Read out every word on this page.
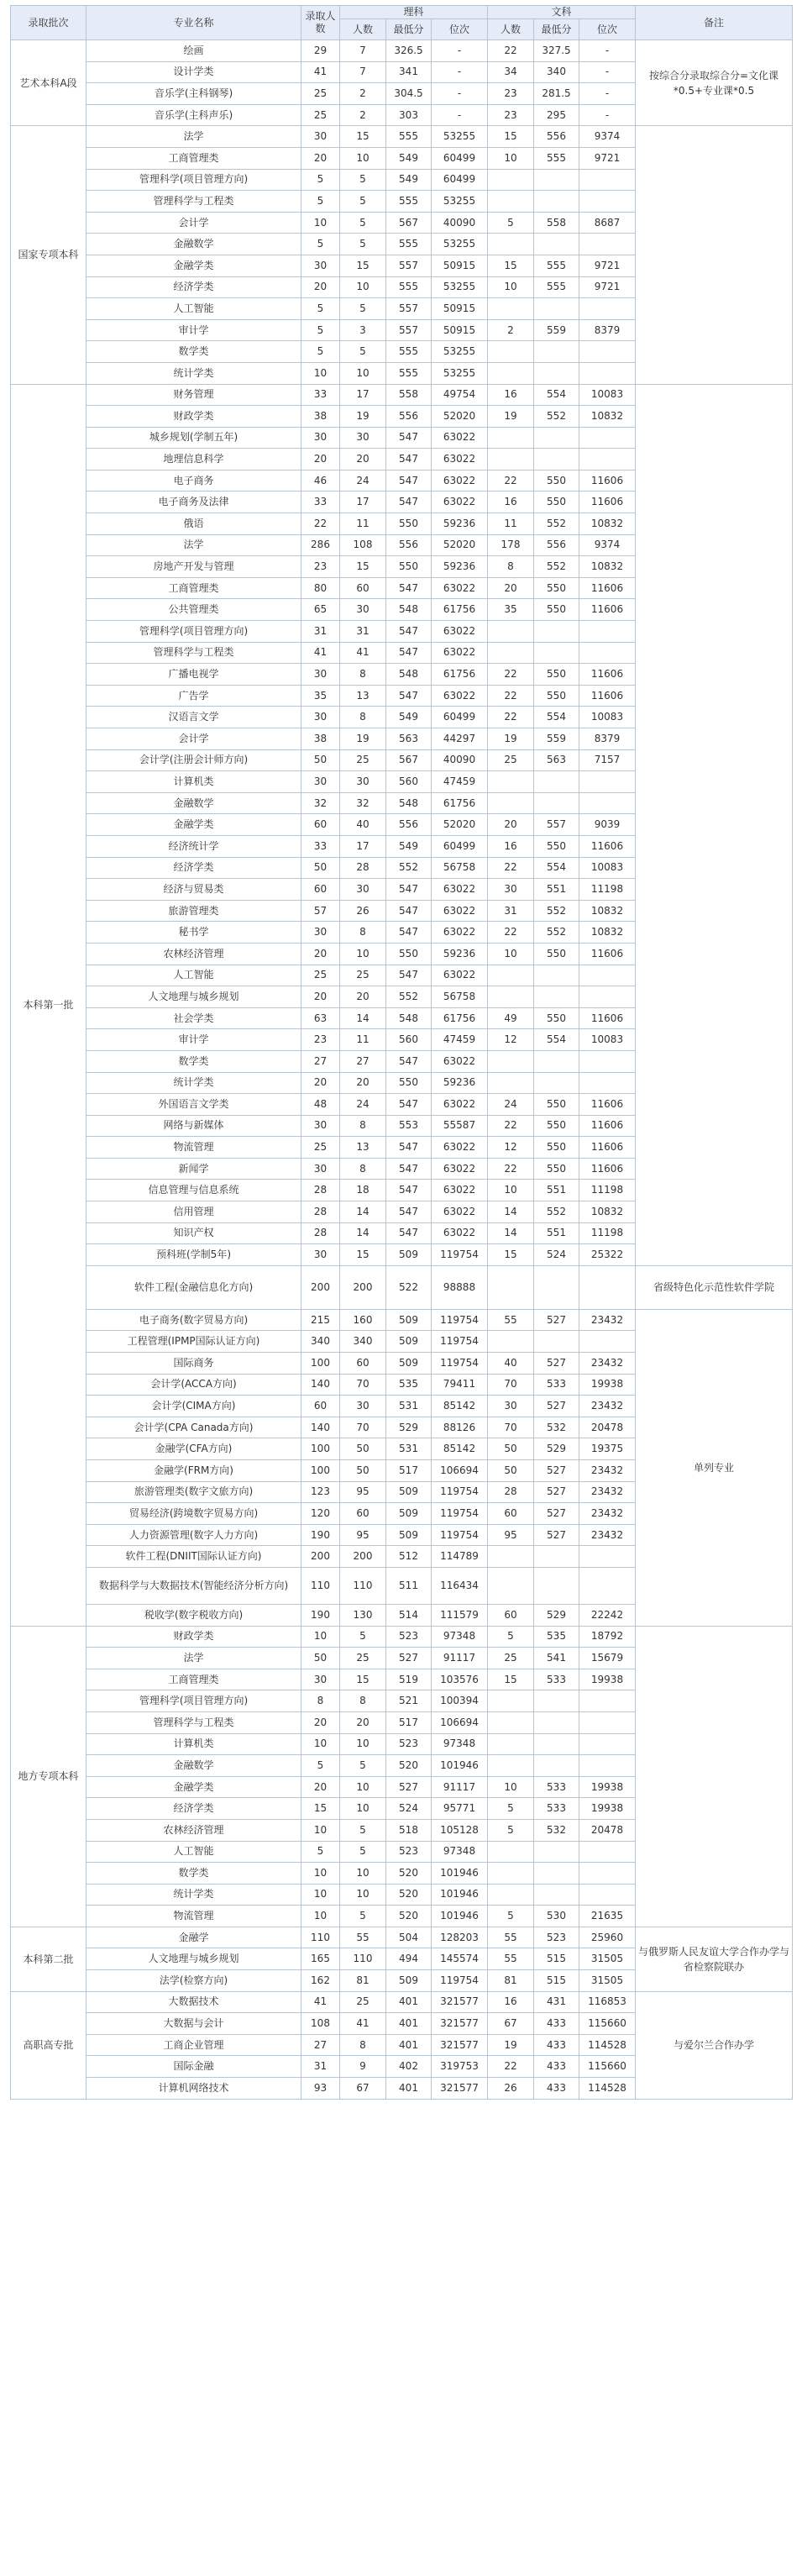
录取批次	专业名称	录取人数	理科			文科			备注
			人数	最低分	位次	人数	最低分	位次	
艺术本科A段	绘画	29	7	326.5	-	22	327.5	-	按综合分录取综合分=文化课*0.5+专业课*0.5
	设计学类	41	7	341	-	34	340	-	
	音乐学(主科钢琴)	25	2	304.5	-	23	281.5	-	
	音乐学(主科声乐)	25	2	303	-	23	295	-	
国家专项本科	法学	30	15	555	53255	15	556	9374	
	工商管理类	20	10	549	60499	10	555	9721	
	管理科学(项目管理方向)	5	5	549	60499				
	管理科学与工程类	5	5	555	53255				
	会计学	10	5	567	40090	5	558	8687	
	金融数学	5	5	555	53255				
	金融学类	30	15	557	50915	15	555	9721	
	经济学类	20	10	555	53255	10	555	9721	
	人工智能	5	5	557	50915				
	审计学	5	3	557	50915	2	559	8379	
	数学类	5	5	555	53255				
	统计学类	10	10	555	53255				
本科第一批	财务管理	33	17	558	49754	16	554	10083	
	财政学类	38	19	556	52020	19	552	10832	
	城乡规划(学制五年)	30	30	547	63022				
	地理信息科学	20	20	547	63022				
	电子商务	46	24	547	63022	22	550	11606	
	电子商务及法律	33	17	547	63022	16	550	11606	
	俄语	22	11	550	59236	11	552	10832	
	法学	286	108	556	52020	178	556	9374	
	房地产开发与管理	23	15	550	59236	8	552	10832	
	工商管理类	80	60	547	63022	20	550	11606	
	公共管理类	65	30	548	61756	35	550	11606	
	管理科学(项目管理方向)	31	31	547	63022				
	管理科学与工程类	41	41	547	63022				
	广播电视学	30	8	548	61756	22	550	11606	
	广告学	35	13	547	63022	22	550	11606	
	汉语言文学	30	8	549	60499	22	554	10083	
	会计学	38	19	563	44297	19	559	8379	
	会计学(注册会计师方向)	50	25	567	40090	25	563	7157	
	计算机类	30	30	560	47459				
	金融数学	32	32	548	61756				
	金融学类	60	40	556	52020	20	557	9039	
	经济统计学	33	17	549	60499	16	550	11606	
	经济学类	50	28	552	56758	22	554	10083	
	经济与贸易类	60	30	547	63022	30	551	11198	
	旅游管理类	57	26	547	63022	31	552	10832	
	秘书学	30	8	547	63022	22	552	10832	
	农林经济管理	20	10	550	59236	10	550	11606	
	人工智能	25	25	547	63022				
	人文地理与城乡规划	20	20	552	56758				
	社会学类	63	14	548	61756	49	550	11606	
	审计学	23	11	560	47459	12	554	10083	
	数学类	27	27	547	63022				
	统计学类	20	20	550	59236				
	外国语言文学类	48	24	547	63022	24	550	11606	
	网络与新媒体	30	8	553	55587	22	550	11606	
	物流管理	25	13	547	63022	12	550	11606	
	新闻学	30	8	547	63022	22	550	11606	
	信息管理与信息系统	28	18	547	63022	10	551	11198	
	信用管理	28	14	547	63022	14	552	10832	
	知识产权	28	14	547	63022	14	551	11198	
	预科班(学制5年)	30	15	509	119754	15	524	25322	
	软件工程(金融信息化方向)	200	200	522	98888				省级特色化示范性软件学院
	电子商务(数字贸易方向)	215	160	509	119754	55	527	23432	单列专业
	工程管理(IPMP国际认证方向)	340	340	509	119754				
	国际商务	100	60	509	119754	40	527	23432	
	会计学(ACCA方向)	140	70	535	79411	70	533	19938	
	会计学(CIMA方向)	60	30	531	85142	30	527	23432	
	会计学(CPA Canada方向)	140	70	529	88126	70	532	20478	
	金融学(CFA方向)	100	50	531	85142	50	529	19375	
	金融学(FRM方向)	100	50	517	106694	50	527	23432	
	旅游管理类(数字文旅方向)	123	95	509	119754	28	527	23432	
	贸易经济(跨境数字贸易方向)	120	60	509	119754	60	527	23432	
	人力资源管理(数字人力方向)	190	95	509	119754	95	527	23432	
	软件工程(DNIIT国际认证方向)	200	200	512	114789				
	数据科学与大数据技术(智能经济分析方向)	110	110	511	116434				
	税收学(数字税收方向)	190	130	514	111579	60	529	22242	
地方专项本科	财政学类	10	5	523	97348	5	535	18792	
	法学	50	25	527	91117	25	541	15679	
	工商管理类	30	15	519	103576	15	533	19938	
	管理科学(项目管理方向)	8	8	521	100394				
	管理科学与工程类	20	20	517	106694				
	计算机类	10	10	523	97348				
	金融数学	5	5	520	101946				
	金融学类	20	10	527	91117	10	533	19938	
	经济学类	15	10	524	95771	5	533	19938	
	农林经济管理	10	5	518	105128	5	532	20478	
	人工智能	5	5	523	97348				
	数学类	10	10	520	101946				
	统计学类	10	10	520	101946				
	物流管理	10	5	520	101946	5	530	21635	
本科第二批	金融学	110	55	504	128203	55	523	25960	与俄罗斯人民友谊大学合作办学与省检察院联办
	人文地理与城乡规划	165	110	494	145574	55	515	31505	
	法学(检察方向)	162	81	509	119754	81	515	31505	
高职高专批	大数据技术	41	25	401	321577	16	431	116853	与爱尔兰合作办学
	大数据与会计	108	41	401	321577	67	433	115660	
	工商企业管理	27	8	401	321577	19	433	114528	
	国际金融	31	9	402	319753	22	433	115660	
	计算机网络技术	93	67	401	321577	26	433	114528	
